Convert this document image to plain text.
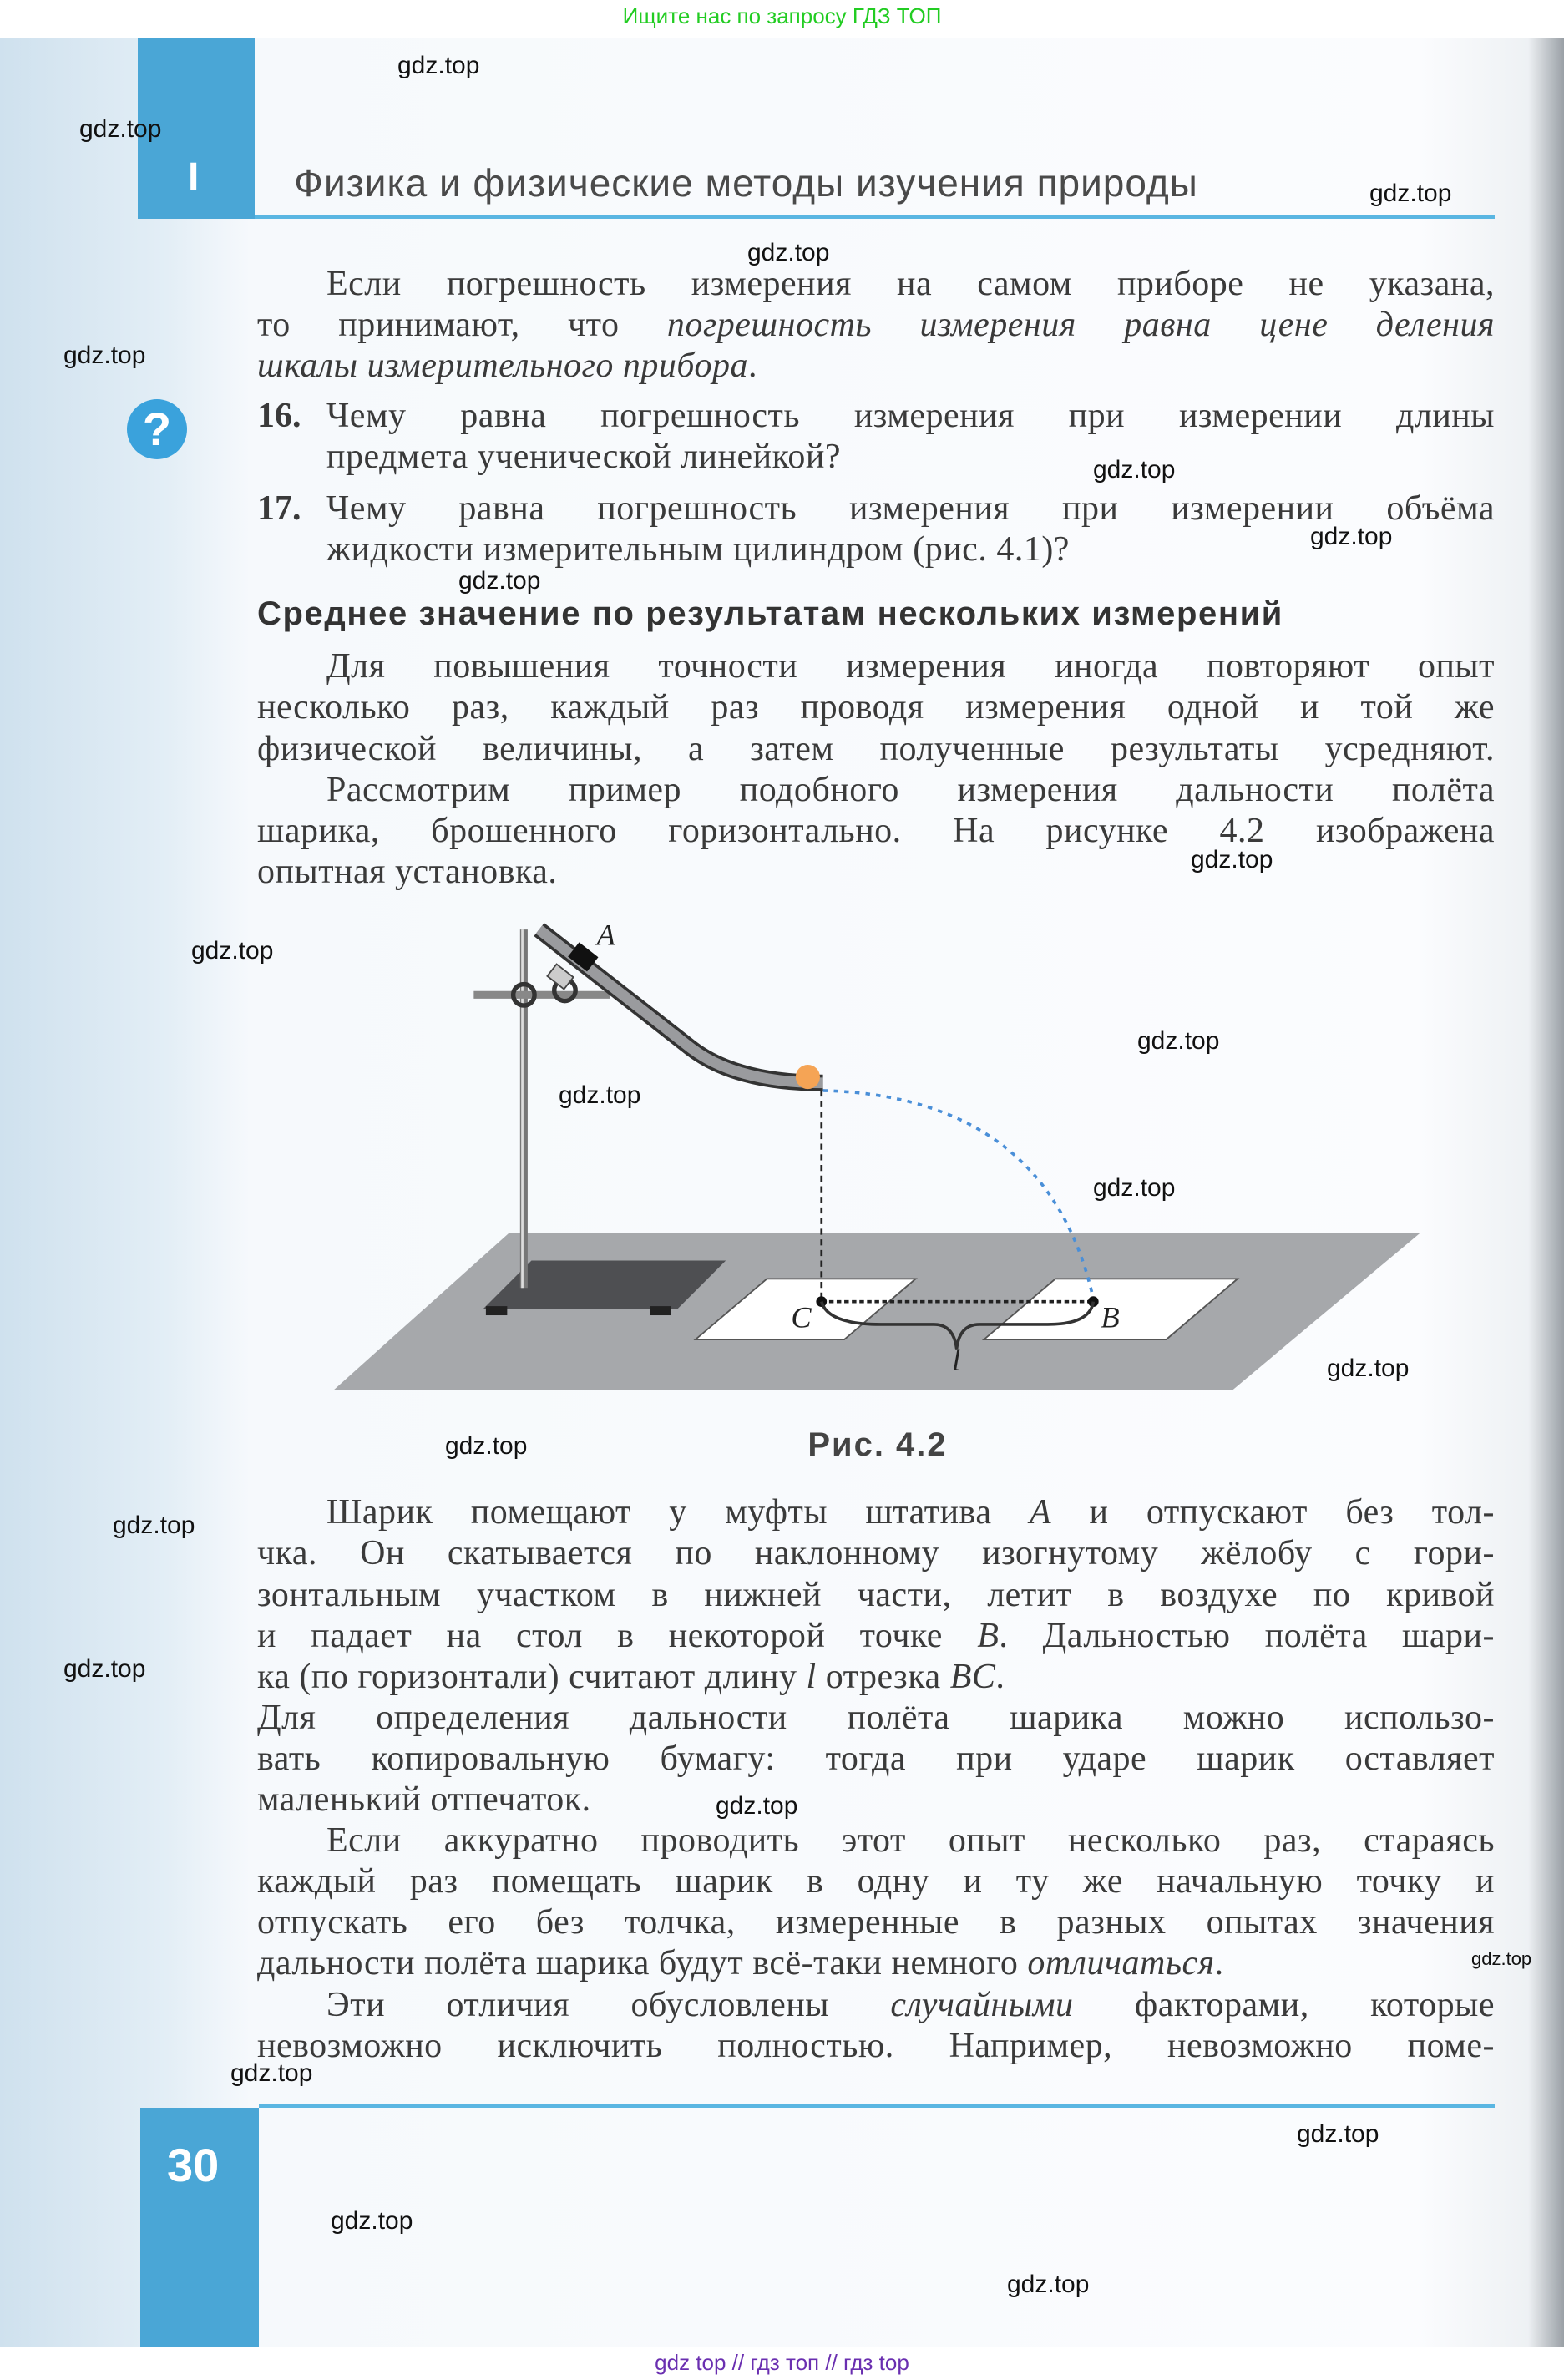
Ищите нас по запросу ГДЗ ТОП
I Физика и физические методы изучения природы
?
Если погрешность измерения на самом приборе не указана,
то принимают, что погрешность измерения равна цене деления
шкалы измерительного прибора.
Чему равна погрешность измерения при измерении длины
предмета ученической линейкой?
Чему равна погрешность измерения при измерении объёма
жидкости измерительным цилиндром (рис. 4.1)?
Для повышения точности измерения иногда повторяют опыт
несколько раз, каждый раз проводя измерения одной и той же
физической величины, а затем полученные результаты усредняют.
Рассмотрим пример подобного измерения дальности полёта
шарика, брошенного горизонтально. На рисунке 4.2 изображена
опытная установка.
Шарик помещают у муфты штатива A и отпускают без тол-
чка. Он скатывается по наклонному изогнутому жёлобу с гори-
зонтальным участком в нижней части, летит в воздухе по кривой
и падает на стол в некоторой точке B. Дальностью полёта шари-
ка (по горизонтали) считают длину l отрезка BC.
Для определения дальности полёта шарика можно использо-
вать копировальную бумагу: тогда при ударе шарик оставляет
маленький отпечаток.
Если аккуратно проводить этот опыт несколько раз, стараясь
каждый раз помещать шарик в одну и ту же начальную точку и
отпускать его без толчка, измеренные в разных опытах значения
дальности полёта шарика будут всё-таки немного отличаться.
Эти отличия обусловлены случайными факторами, которые
невозможно исключить полностью. Например, невозможно поме-
16.
17.
Среднее значение по результатам нескольких измерений
A
C	B
l
Рис. 4.2
30
gdz.top
gdz.top
gdz.top
gdz.top
gdz.top
gdz.top
gdz.top
gdz.top
gdz.top
gdz.top
gdz.top
gdz.top
gdz.top
gdz.top
gdz.top
gdz.top
gdz.top
gdz.top
gdz.top
gdz.top
gdz.top
gdz.top
gdz.top
gdz top // гдз топ // гдз top
